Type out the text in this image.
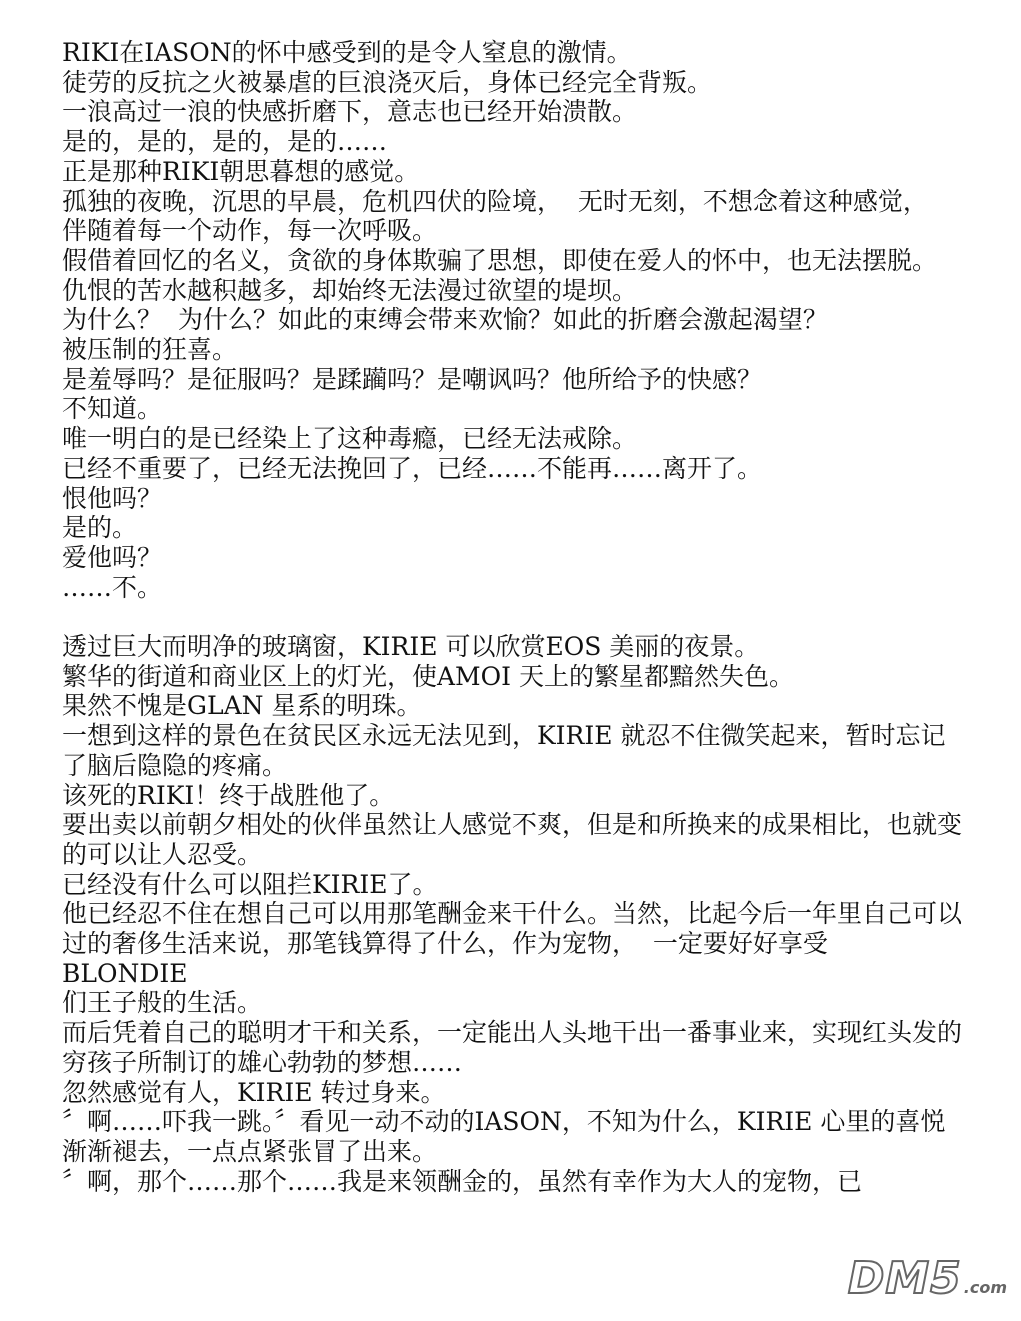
RIKI在IASON的怀中感受到的是令人窒息的激情。

徒劳的反抗之火被暴虐的巨浪浇灭后，身体已经完全背叛。

一浪高过一浪的快感折磨下，意志也已经开始溃散。

是的，是的，是的，是的……

正是那种RIKI朝思暮想的感觉。

孤独的夜晚，沉思的早晨，危机四伏的险境，  无时无刻，不想念着这种感觉，  伴随着每一个动作，每一次呼吸。

假借着回忆的名义，贪欲的身体欺骗了思想，即使在爱人的怀中，也无法摆脱。

仇恨的苦水越积越多，却始终无法漫过欲望的堤坝。

为什么？  为什么？如此的束缚会带来欢愉？如此的折磨会激起渴望？

被压制的狂喜。

是羞辱吗？是征服吗？是蹂躏吗？是嘲讽吗？他所给予的快感？

不知道。

唯一明白的是已经染上了这种毒瘾，已经无法戒除。

已经不重要了，已经无法挽回了，已经……不能再……离开了。

恨他吗？

是的。

爱他吗？

……不。

透过巨大而明净的玻璃窗，KIRIE 可以欣赏EOS 美丽的夜景。

繁华的街道和商业区上的灯光，使AMOI 天上的繁星都黯然失色。

果然不愧是GLAN 星系的明珠。

一想到这样的景色在贫民区永远无法见到，KIRIE 就忍不住微笑起来，暂时忘记了脑后隐隐的疼痛。

该死的RIKI！终于战胜他了。

要出卖以前朝夕相处的伙伴虽然让人感觉不爽，但是和所换来的成果相比，也就变的可以让人忍受。

已经没有什么可以阻拦KIRIE了。

他已经忍不住在想自己可以用那笔酬金来干什么。当然，比起今后一年里自己可以过的奢侈生活来说，那笔钱算得了什么，作为宠物，  一定要好好享受

BLONDIE

们王子般的生活。

而后凭着自己的聪明才干和关系，一定能出人头地干出一番事业来，实现红头发的穷孩子所制订的雄心勃勃的梦想……

忽然感觉有人，KIRIE 转过身来。

〞啊……吓我一跳。〞看见一动不动的IASON，不知为什么，KIRIE 心里的喜悦渐渐褪去，一点点紧张冒了出来。

〞啊，那个……那个……我是来领酬金的，虽然有幸作为大人的宠物，已

DM5 .com
